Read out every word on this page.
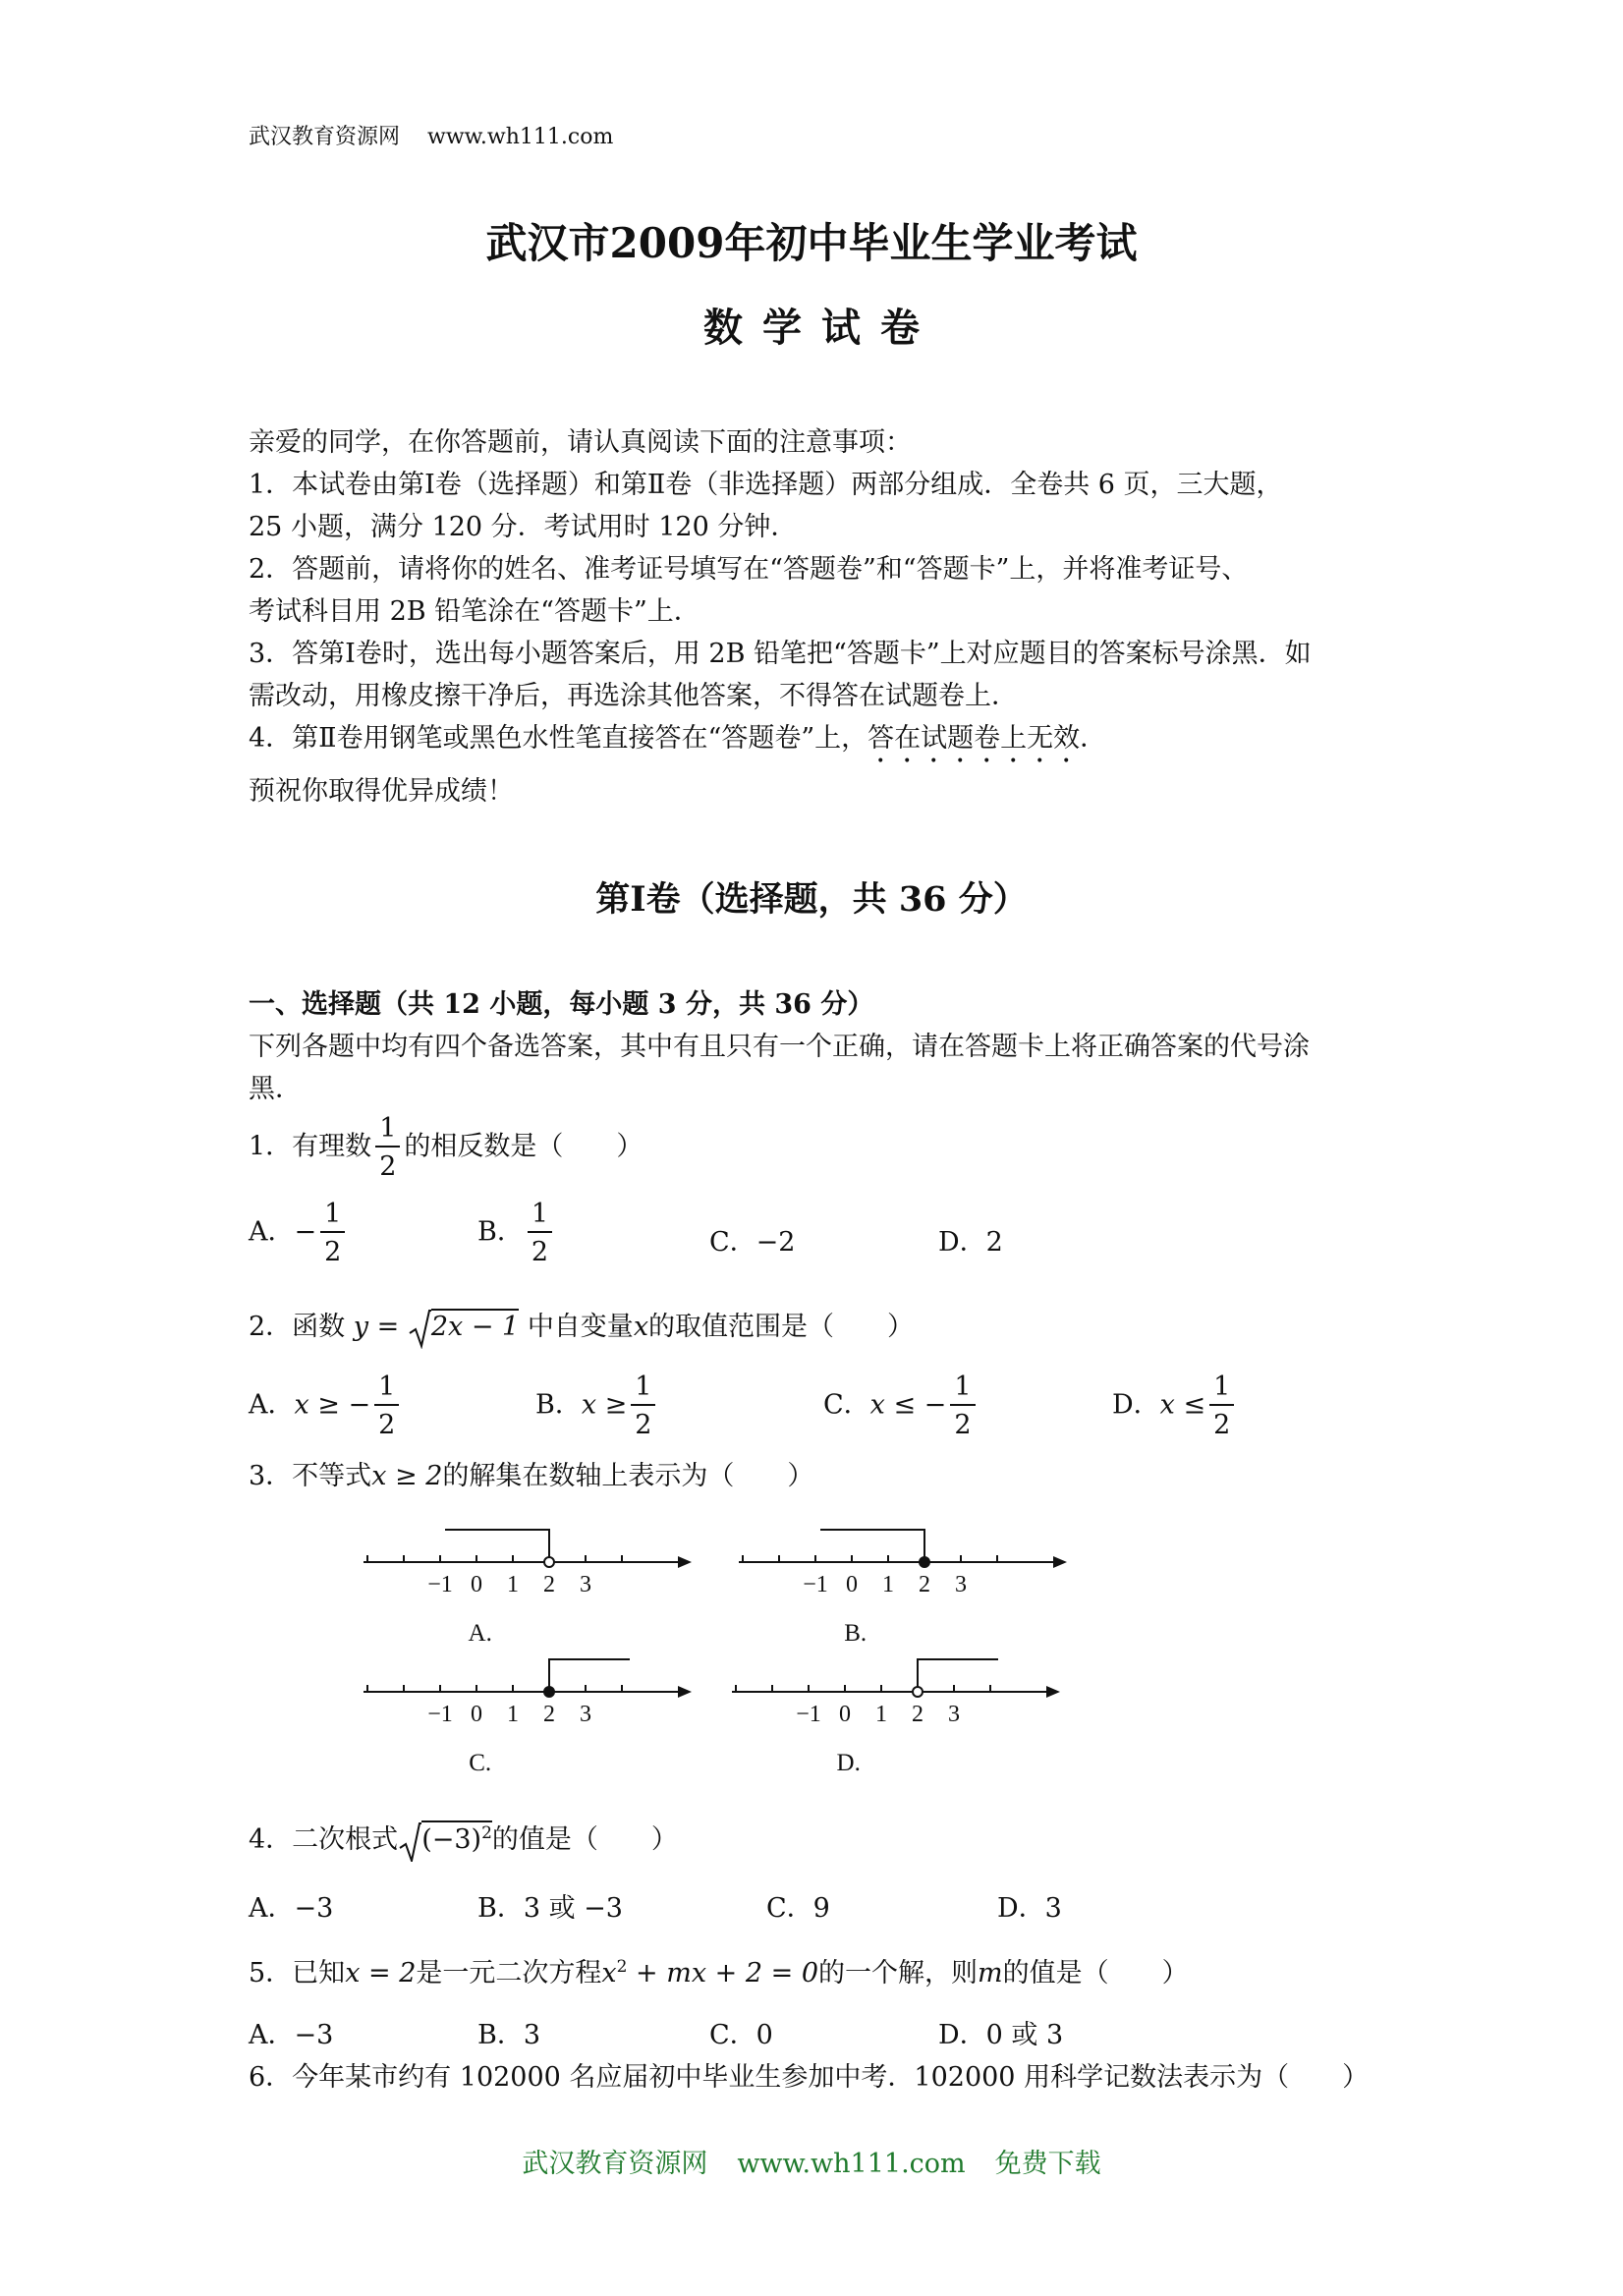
武汉教育资源网 www.wh111.com
武汉市2009年初中毕业生学业考试
数学试卷
亲爱的同学，在你答题前，请认真阅读下面的注意事项：
1．本试卷由第Ⅰ卷（选择题）和第Ⅱ卷（非选择题）两部分组成．全卷共 6 页，三大题，
25 小题，满分 120 分．考试用时 120 分钟．
2．答题前，请将你的姓名、准考证号填写在“答题卷”和“答题卡”上，并将准考证号、
考试科目用 2B 铅笔涂在“答题卡”上．
3．答第Ⅰ卷时，选出每小题答案后，用 2B 铅笔把“答题卡”上对应题目的答案标号涂黑．如
需改动，用橡皮擦干净后，再选涂其他答案，不得答在试题卷上．
4．第Ⅱ卷用钢笔或黑色水性笔直接答在“答题卷”上，答在试题卷上无效．
预祝你取得优异成绩！
第Ⅰ卷（选择题，共 36 分）
一、选择题（共 12 小题，每小题 3 分，共 36 分）
下列各题中均有四个备选答案，其中有且只有一个正确，请在答题卡上将正确答案的代号涂
黑．
1．有理数 $\frac{1}{2}$ 的相反数是（　　）
A．− $\frac{1}{2}$	B． $\frac{1}{2}$	C．−2	D．2
2．函数 y = 2x − 1 中自变量x的取值范围是（　　）
A．x ≥ − $\frac{1}{2}$	B．$x \ge \frac{1}{2}$	C．x ≤ − $\frac{1}{2}$	D．$x \le \frac{1}{2}$
3．不等式x ≥ 2的解集在数轴上表示为（　　）
−1 0 1 2 3
A.
−1 0 1 2 3
B.
−1 0 1 2 3
C.
−1 0 1 2 3
D.
4．二次根式 $(-3)^2$的值是（　　）
A．−3	B．3 或 −3	C．9	D．3
5．已知x = 2是一元二次方程$x^2$ + mx + 2 = 0的一个解，则m的值是（　　）
A．−3	B．3	C．0	D．0 或 3
6．今年某市约有 102000 名应届初中毕业生参加中考．102000 用科学记数法表示为（　　）
武汉教育资源网 www.wh111.com 免费下载
